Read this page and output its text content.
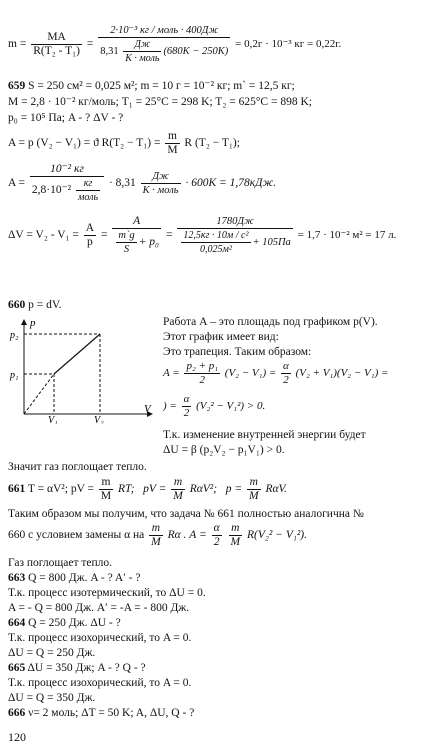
$m = \frac{MA}{\text{R(T₂ - T₁)}} = \frac{\text{2·10⁻³ кг / моль · 400Дж}}{8,31 \frac{Дж}{\text{K · моль}} (680K - 250K)} = 0,2г \cdot 10^{-3}$ кг = 0,22г.
659 S = 250 см² = 0,025 м²; m = 10 г = 10⁻² кг; m` = 12,5 кг;
M = 2,8 · 10⁻² кг/моль; T₁ = 25°C = 298 K; T₂ = 625°C = 898 K;
p₀ = 10⁵ Па; A - ? ΔV - ?
A = p (V₂ − V₁) = ϑ $R(T_2 - T_1) = \frac{m}{M}$ R (T₂ − T₁);
$A = \frac{\text{10⁻² кг}}{2,8\cdot 10^{-2} \frac{кг}{\text{моль}}} \cdot 8,31 \frac{Дж}{\text{K · моль}} \cdot 600K = 1,78кДж$.
$\Delta V = V_2 - V_1 = \frac{A}{p} = \frac{A}{\frac{m`g}{S} + p_0} = \frac{1780Дж}{\frac{\text{12,5кг · 10м / c²}}{\text{0,025м²}} + 105Па} = 1,7 \cdot 10^{-2}$ м² = 17 л.
660 p = dV.
p
V
p₂
p₁
V₁	V₂
Работа А – это площадь под графиком p(V).
Этот график имеет вид:
Это трапеция. Таким образом:
$A = \frac{\text{p₂ + p₁}}{2} (V_2 - V_1) = \frac{\alpha}{2} (V_2 + V_1)(V_2 - V_1)$ =
) = $\frac{\alpha}{2} (V_2^2 - V_1^2) > 0$.
Т.к. изменение внутренней энергии будет
ΔU = β (p₂V₂ − p₁V₁) > 0.
Значит газ поглощает тепло.
661 T = αV²; pV = $\frac{m}{M}$ RT; pV = $\frac{m}{M} R\alpha V^2$; $p = \frac{m}{M} R\alpha V$.
Таким образом мы получим, что задача № 661 полностью аналогична №
660 с условием замены α на $\frac{m}{M}$ Rα . $A = \frac{\alpha}{2}$
$\frac{m}{M} R(V_2^2 - V_1^2)$.
Газ поглощает тепло.
663 Q = 800 Дж. A - ? A′ - ?
Т.к. процесс изотермический, то ΔU = 0.
A = - Q = 800 Дж. A′ = -A = - 800 Дж.
664 Q = 250 Дж. ΔU - ?
Т.к. процесс изохорический, то A = 0.
ΔU = Q = 250 Дж.
665 ΔU = 350 Дж; A - ? Q - ?
Т.к. процесс изохорический, то A = 0.
ΔU = Q = 350 Дж.
666 ν= 2 моль; ΔT = 50 K; A, ΔU, Q - ?
120
